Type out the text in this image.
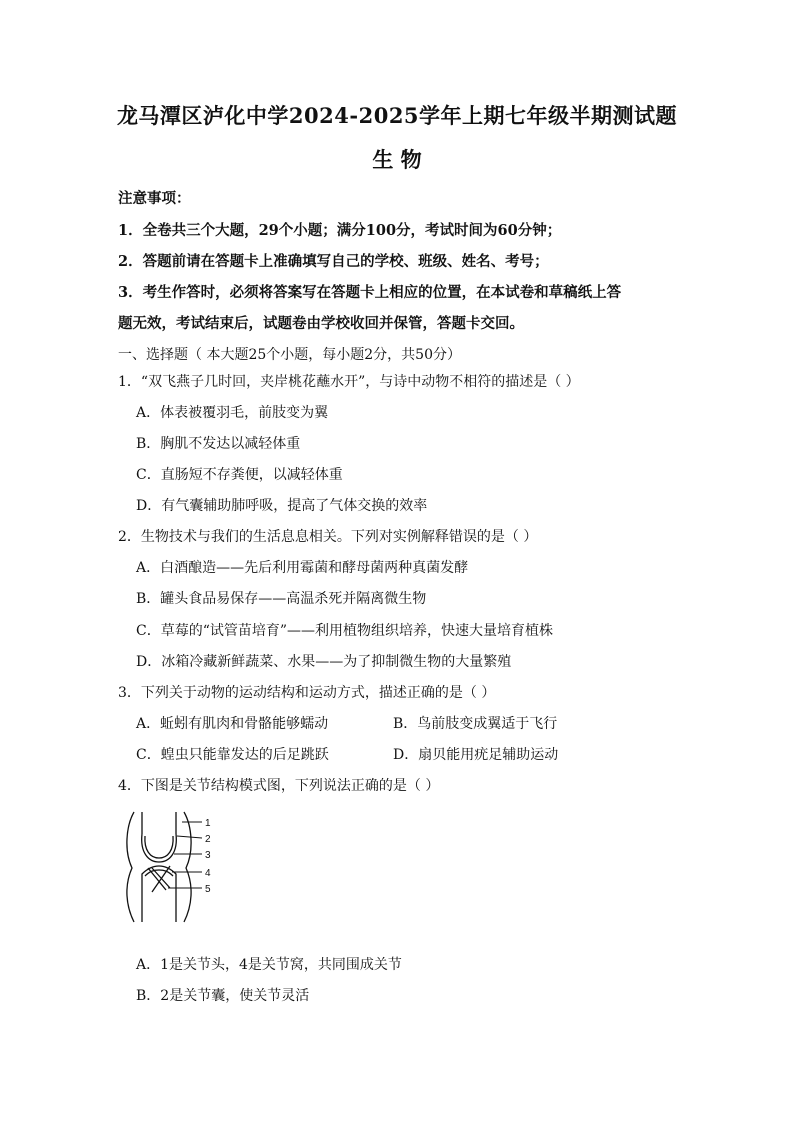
龙马潭区泸化中学2024-2025学年上期七年级半期测试题
生 物
注意事项：
1．全卷共三个大题，29个小题；满分100分，考试时间为60分钟；
2．答题前请在答题卡上准确填写自己的学校、班级、姓名、考号；
3．考生作答时，必须将答案写在答题卡上相应的位置，在本试卷和草稿纸上答
题无效，考试结束后，试题卷由学校收回并保管，答题卡交回。
一、选择题（ 本大题25个小题，每小题2分，共50分）
1．“双飞燕子几时回，夹岸桃花蘸水开”，与诗中动物不相符的描述是（ ）
A．体表被覆羽毛，前肢变为翼
B．胸肌不发达以减轻体重
C．直肠短不存粪便，以减轻体重
D．有气囊辅助肺呼吸，提高了气体交换的效率
2．生物技术与我们的生活息息相关。下列对实例解释错误的是（ ）
A．白酒酿造——先后利用霉菌和酵母菌两种真菌发酵
B．罐头食品易保存——高温杀死并隔离微生物
C．草莓的“试管苗培育”——利用植物组织培养，快速大量培育植株
D．冰箱冷藏新鲜蔬菜、水果——为了抑制微生物的大量繁殖
3．下列关于动物的运动结构和运动方式，描述正确的是（ ）
A．蚯蚓有肌肉和骨骼能够蠕动	B．鸟前肢变成翼适于飞行
C．蝗虫只能靠发达的后足跳跃	D．扇贝能用疣足辅助运动
4．下图是关节结构模式图，下列说法正确的是（ ）
1
2
3
4
5
A．1是关节头，4是关节窝，共同围成关节
B．2是关节囊，使关节灵活
